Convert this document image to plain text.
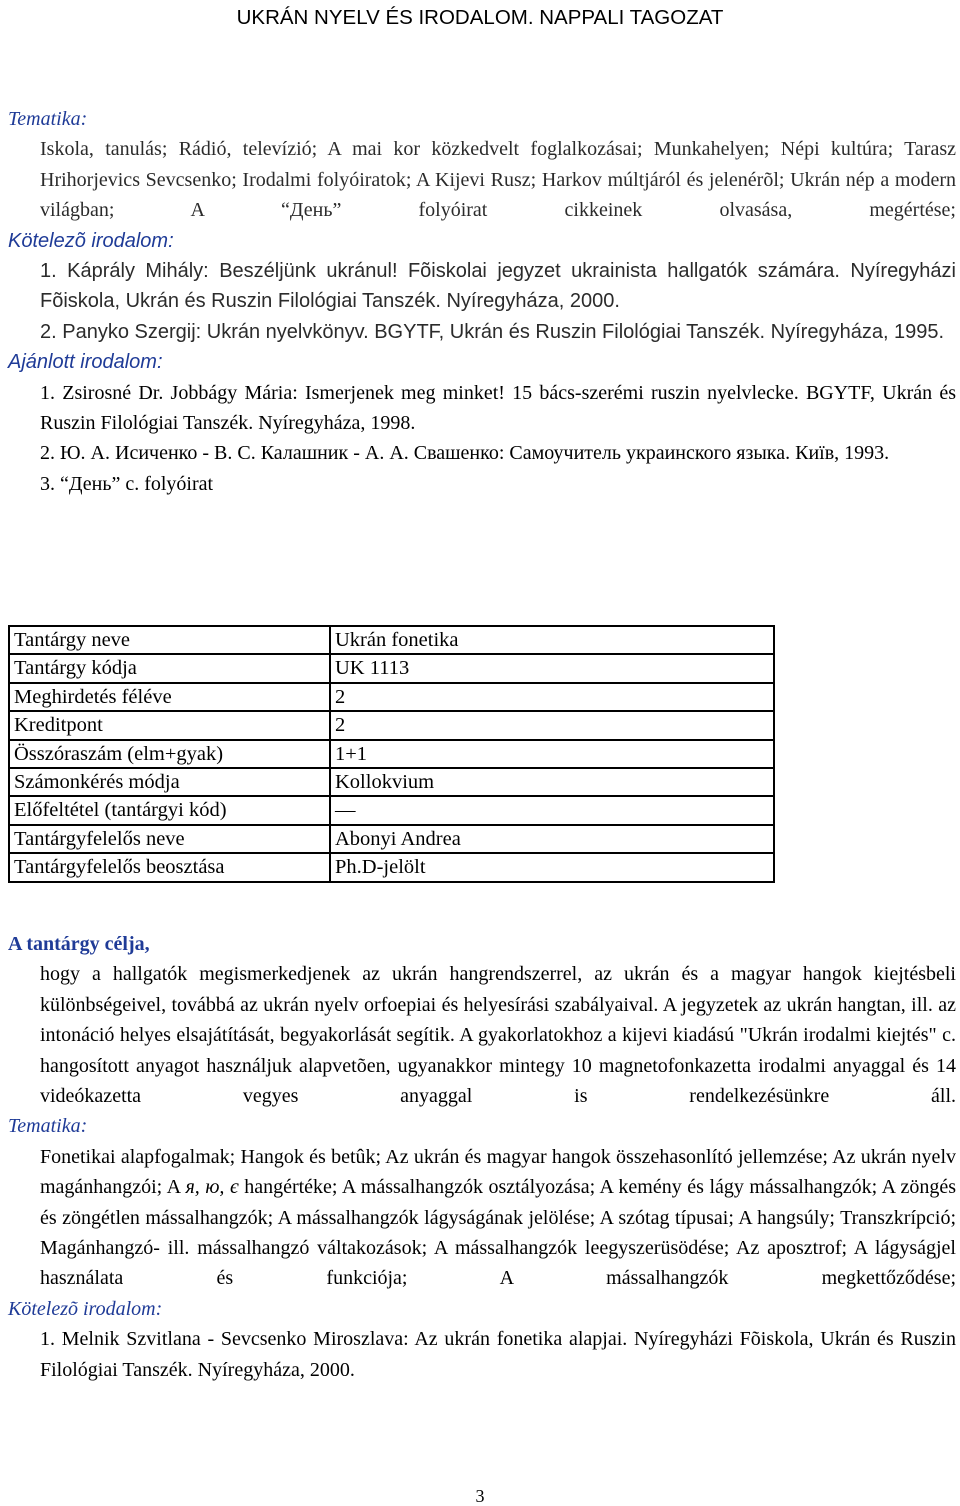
UKRÁN NYELV ÉS IRODALOM. NAPPALI TAGOZAT

Tematika:

Iskola, tanulás; Rádió, televízió; A mai kor közkedvelt foglalkozásai; Munkahelyen; Népi kultúra; Tarasz Hrihorjevics Sevcsenko; Irodalmi folyóiratok; A Kijevi Rusz; Harkov múltjáról és jelenérõl; Ukrán nép a modern világban; A “День” folyóirat cikkeinek olvasása, megértése;

Kötelezõ irodalom:

1. Káprály Mihály: Beszéljünk ukránul! Fõiskolai jegyzet ukrainista hallgatók számára. Nyíregyházi Fõiskola, Ukrán és Ruszin Filológiai Tanszék. Nyíregyháza, 2000.

2. Panyko Szergij: Ukrán nyelvkönyv. BGYTF, Ukrán és Ruszin Filológiai Tanszék. Nyíregyháza, 1995.

Ajánlott irodalom:

1. Zsirosné Dr. Jobbágy Mária: Ismerjenek meg minket! 15 bács-szerémi ruszin nyelvlecke. BGYTF, Ukrán és Ruszin Filológiai Tanszék. Nyíregyháza, 1998.

2. Ю. А. Исиченко - В. С. Калашник - А. А. Свашенко: Самоучитель украинского языка. Київ, 1993.

3. “День” с. folyóirat

Tantárgy neve	Ukrán fonetika
Tantárgy kódja	UK 1113
Meghirdetés féléve	2
Kreditpont	2
Összóraszám (elm+gyak)	1+1
Számonkérés módja	Kollokvium
Előfeltétel (tantárgyi kód)	—
Tantárgyfelelős neve	Abonyi Andrea
Tantárgyfelelős beosztása	Ph.D-jelölt

A tantárgy célja,

hogy a hallgatók megismerkedjenek az ukrán hangrendszerrel, az ukrán és a magyar hangok kiejtésbeli különbségeivel, továbbá az ukrán nyelv orfoepiai és helyesírási szabályaival. A jegyzetek az ukrán hangtan, ill. az intonáció helyes elsajátítását, begyakorlását segítik. A gyakorlatokhoz a kijevi kiadású "Ukrán irodalmi kiejtés" c. hangosított anyagot használjuk alapvetõen, ugyanakkor mintegy 10 magnetofonkazetta irodalmi anyaggal és 14 videókazetta vegyes anyaggal is rendelkezésünkre áll.

Tematika:

Fonetikai alapfogalmak; Hangok és betûk; Az ukrán és magyar hangok összehasonlító jellemzése; Az ukrán nyelv magánhangzói; A я, ю, є hangértéke; A mássalhangzók osztályozása; A kemény és lágy mássalhangzók; A zöngés és zöngétlen mássalhangzók; A mássalhangzók lágyságának jelölése; A szótag típusai; A hangsúly; Transzkrípció; Magánhangzó- ill. mássalhangzó váltakozások; A mássalhangzók leegyszerüsödése; Az aposztrof; A lágyságjel használata és funkciója; A mássalhangzók megkettőződése;

Kötelezõ irodalom:

1. Melnik Szvitlana - Sevcsenko Miroszlava: Az ukrán fonetika alapjai. Nyíregyházi Fõiskola, Ukrán és Ruszin Filológiai Tanszék. Nyíregyháza, 2000.

3
